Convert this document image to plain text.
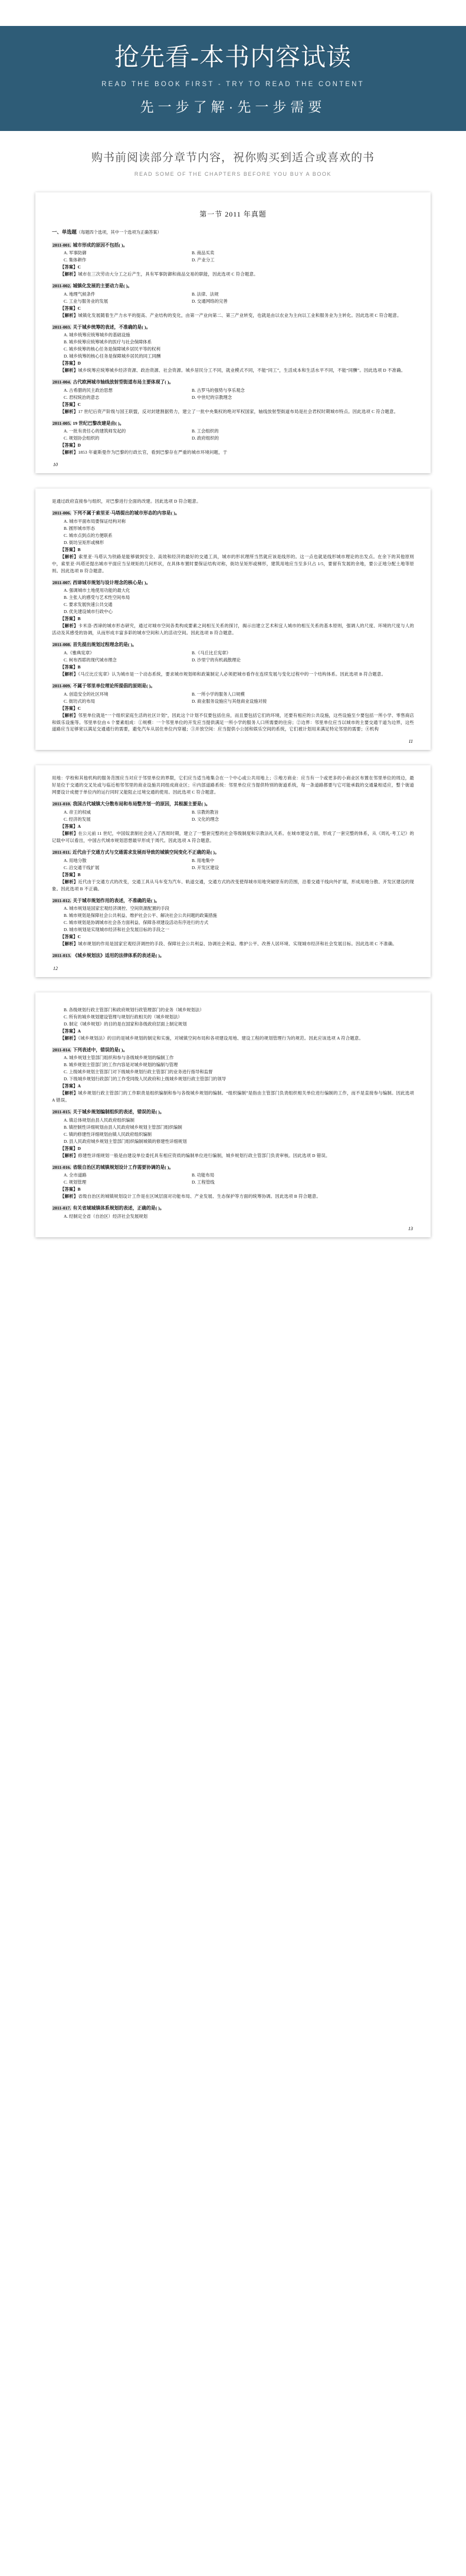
抢先看-本书内容试读
READ THE BOOK FIRST - TRY TO READ THE CONTENT
先一步了解·先一步需要
购书前阅读部分章节内容，祝你购买到适合或喜欢的书
READ SOME OF THE CHAPTERS BEFORE YOU BUY A BOOK
第一节 2011 年真题
一、单选题（每题四个选项，其中一个选项为正确答案）
2011-001. 城市形成的原因不包括( )。
A. 军事防御	B. 商品买卖
C. 集体耕作	D. 产业分工
【答案】C
【解析】城市在三次劳动大分工之后产生，具有军事防御和商品交易的职能，因此选项 C 符合题意。
2011-002. 城镇化发展的主要动力是( )。
A. 地理气候条件	B. 法律、法规
C. 工业与服务业的发展	D. 交通网络的完善
【答案】C
【解析】城镇化发展随着生产力水平的提高、产业结构的变化，由第一产业向第二、第三产业转变，也就是由以农业为主向以工业和服务业为主转化。因此选项 C 符合题意。
2011-003. 关于城乡统筹的表述，不准确的是( )。
A. 城乡统筹应统筹城乡的基础设施
B. 城乡统筹应统筹城乡的医疗与社会保障体系
C. 城乡统筹的核心任务是保障城乡居民平等的权利
D. 城乡统筹的核心任务是保障城乡居民的同工同酬
【答案】D
【解析】城乡统筹应统筹城乡经济资源、政治资源、社会资源。城乡居民分工不同，就业模式不同，不能“同工”，生活成本和生活水平不同，不能“同酬”。因此选项 D 不准确。
2011-004. 古代欧洲城市轴线放射型街道布局主要体现了( )。
A. 古希腊的民主政治思想	B. 古罗马的强势与享乐观念
C. 君权统治的意志	D. 中世纪的宗教理念
【答案】C
【解析】17 世纪后资产阶级与国王联盟，反对封建割据势力，建立了一批中央集权的绝对军权国家，轴线放射型街道布局是社会君权时期城市特点。因此选项 C 符合题意。
2011-005. 19 世纪巴黎改建是由( )。
A. 一批有责任心的建筑师发起的	B. 工会组织的
C. 规划协会组织的	D. 政府组织的
【答案】D
【解析】1853 年豪斯曼作为巴黎的行政长官，看到巴黎存在严重的城市环境问题，于
10
是通过政府直接参与组织，对巴黎进行全面的改建。因此选项 D 符合题意。
2011-006. 下列不属于索里亚·马塔提出的城市形态的内容是( )。
A. 城市平面布局要保证结构对称
B. 圆形城市形态
C. 城市点到点的方便联系
D. 街坊呈矩形或梯形
【答案】B
【解析】索里亚·马塔认为铁路是能够做到安全、高效和经济的最好的交通工具，城市的形状理所当然就应该是线形的。这一点也就是线形城市理论的出发点。在余下的其他原则中，索里亚·玛塔还提出城市平面应当呈规矩的几何形状，在具体布置时要保证结构对称，街坊呈矩形或梯形，建筑用地应当至多只占 1/5，要留有发展的余地，要公正地分配土地等原则。因此选项 B 符合题意。
2011-007. 西谛城市规划与设计理念的核心是( )。
A. 强调城市土地使用功能的最大化
B. 主张人的感受与艺术性空间布局
C. 要求发展快速公共交通
D. 优先建设城市行政中心
【答案】B
【解析】卡米洛·西谛的城市形态研究，通过对城市空间各类构成要素之间相互关系的探讨，揭示出建立艺术和宜人城市的相互关系的基本原则，强调人的尺度、环境的尺度与人的活动及其感受的协调，从而形成丰富多彩的城市空间和人的活动空间。因此选项 B 符合题意。
2011-008. 首先提出规划过程理念的是( )。
A.《雅典宪章》	B.《马丘比丘宪章》
C. 柯布西耶的现代城市理念	D. 沙里宁的有机疏散理论
【答案】B
【解析】《马丘比丘宪章》认为城市是一个动态系统，要求城市规划师和政策制定人必须把城市看作在连续发展与变化过程中的一个结构体系。因此选项 B 符合题意。
2011-009. 不属于邻里单位理论所提倡的原则是( )。
A. 创造安全的社区环境	B. 一所小学的服务人口规模
C. 街坊式的布局	D. 商业服务设施应与其他商业设施对接
【答案】C
【解析】邻里单位就是“一个组织家庭生活的社区计划”，因此这个计划不仅要包括住房，而且要包括它们的环境，还要有相应的公共设施，这些设施至少要包括一所小学、零售商店和娱乐设施等。邻里单位由 6 个要素组成：①规模：一个邻里单位的开发应当提供满足一所小学的服务人口所需要的住房；②边界：邻里单位应当以城市的主要交通干道为边界，这些道路应当足够宽以满足交通通行的需要，避免汽车从居住单位内穿越；③开放空间：应当提供小公园和娱乐空间的系统，它们被计划用来满足特定邻里的需要；④机构
11
用地：学校和其他机构的服务范围应当对应于邻里单位的界限，它们应当适当地集合在一个中心或公共用地上；⑤地方商业：应当有一个或更多的小商业区布置在邻里单位的周边，最好是位于交通的交叉处或与临近相邻邻里的商业设施共同组成商业区；⑥内部道路系统：邻里单位应当提供特别的街道系统，每一条道路都要与它可能承载的交通量相适应，整个街道网要设计成便于单位内的运行同时又能阻止过境交通的使用。因此选项 C 符合题意。
2011-010. 我国古代城镇大分散布局和布局整齐划一的原因，其根源主要是( )。
A. 帝王的权威	B. 宗教的教旨
C. 经济的发展	D. 文化的理念
【答案】A
【解析】在公元前 11 世纪，中国奴隶制社会进入了西周时期，建立了一整套完整的社会等级制度和宗教法礼关系。在城市建设方面，形成了一套完整的体系，从《周礼·考工记》的记载中可以看出，中国古代城市规划思想最早形成于周代。因此选项 A 符合题意。
2011-011. 近代由于交通方式与交通需求发展而导致的城镇空间变化不正确的是( )。
A. 用地分散	B. 用地集中
C. 沿交通干线扩展	D. 开发区建设
【答案】B
【解析】近代由于交通方式的改变，交通工具从马车变为汽车、轨道交通，交通方式的改变使得城市用地突破原有的范围，沿着交通干线向外扩展，形成用地分散、开发区建设的现象。因此选项 B 不正确。
2011-012. 关于城市规划作用的表述，不准确的是( )。
A. 城市规划是国家宏观经济调控、空间资源配置的手段
B. 城市规划是保障社会公共利益、维护社会公平、解决社会公共问题的政策措施
C. 城市规划是协调城市社会各方面利益、保障各项建设活动有序进行的方式
D. 城市规划是实现城市经济和社会发展目标的手段之一
【答案】C
【解析】城市规划的作用是国家宏观经济调控的手段、保障社会公共利益、协调社会利益、维护公平、改善人居环境、实现城市经济和社会发展目标。因此选项 C 不准确。
2011-013. 《城乡规划法》适用的法律体系的表述是( )。
12
B. 各级规划行政主管部门和政府规划行政管理部门的业务（城乡规划法）
C. 所有的城乡规划建设管理与规划行政相关的（城乡规划法）
D. 制定《城乡规划》的目的是在国家和各级政府层面上制定规划
【答案】A
【解析】《城乡规划法》的目的是城乡规划的制定和实施，对城镇空间布局和各项建设用地、建设工程的规划管理行为的规范。因此应该选项 A 符合题意。
2011-014. 下列表述中，错误的是( )。
A. 城乡规划主管部门组织和参与各级城乡规划的编制工作
B. 城乡规划主管部门的工作内容是对城乡规划的编制与管理
C. 上级城乡规划主管部门对下级城乡规划行政主管部门的业务进行指导和监督
D. 下级城乡规划行政部门的工作受同级人民政府和上级城乡规划行政主管部门的领导
【答案】A
【解析】城乡规划行政主管部门的工作职责是组织编制和参与各级城乡规划的编制。“组织编制”是指由主管部门负责组织相关单位进行编制的工作，而不是直接参与编制。因此选项 A 错误。
2011-015. 关于城乡规划编制组织的表述，错误的是( )。
A. 镇总体规划由县人民政府组织编制
B. 镇控制性详细规划由县人民政府城乡规划主管部门组织编制
C. 镇的修建性详细规划由镇人民政府组织编制
D. 县人民政府城乡规划主管部门组织编制城镇的修建性详细规划
【答案】D
【解析】修建性详细规划一般是由建设单位委托具有相应资质的编制单位进行编制，城乡规划行政主管部门负责审核。因此选项 D 错误。
2011-016. 省级自治区的城镇规划设计工作需要协调的是( )。
A. 全市道路	B. 功能布局
C. 规划管理	D. 工程管线
【答案】B
【解析】省级自治区的城镇规划设计工作是在区域层面对功能布局、产业发展、生态保护等方面的统筹协调。因此选项 B 符合题意。
2011-017. 有关省域城镇体系规划的表述，正确的是( )。
A. 经制定全省（自治区）经济社会发展规划
13
